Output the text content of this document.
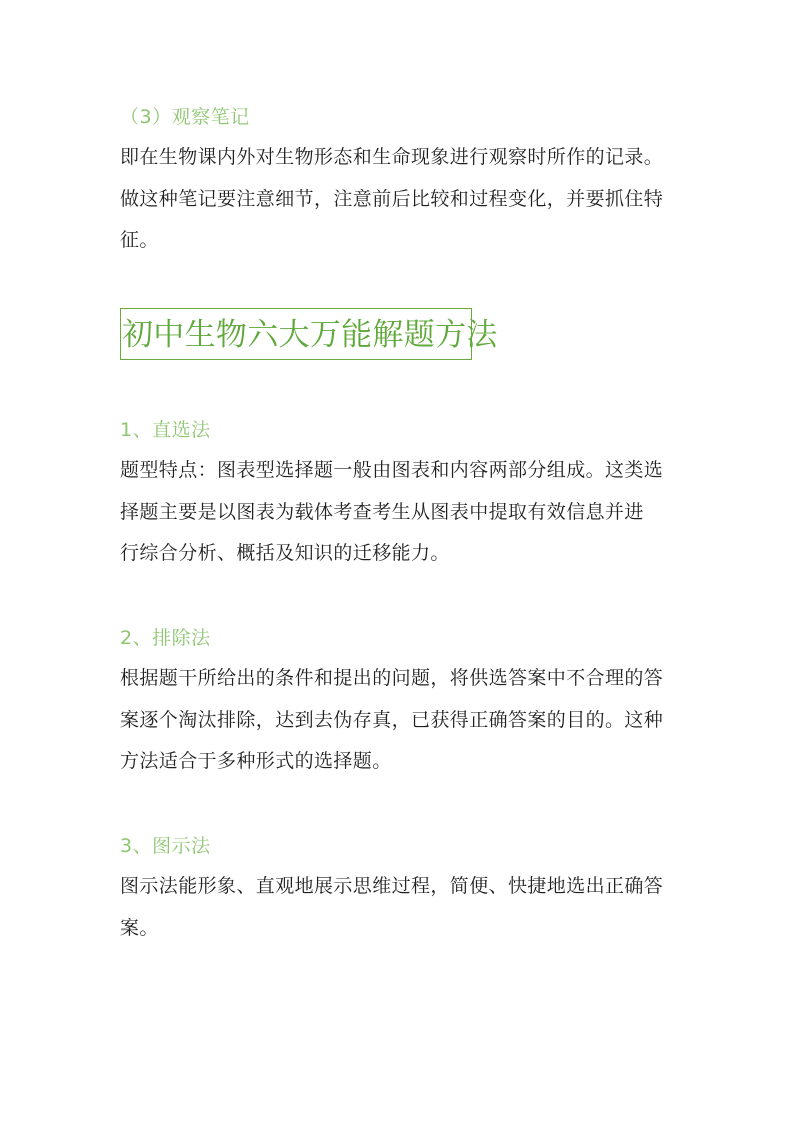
（3）观察笔记
即在生物课内外对生物形态和生命现象进行观察时所作的记录。
做这种笔记要注意细节，注意前后比较和过程变化，并要抓住特
征。
初中生物六大万能解题方法
1、直选法
题型特点：图表型选择题一般由图表和内容两部分组成。这类选
择题主要是以图表为载体考查考生从图表中提取有效信息并进
行综合分析、概括及知识的迁移能力。
2、排除法
根据题干所给出的条件和提出的问题，将供选答案中不合理的答
案逐个淘汰排除，达到去伪存真，已获得正确答案的目的。这种
方法适合于多种形式的选择题。
3、图示法
图示法能形象、直观地展示思维过程，简便、快捷地选出正确答
案。
